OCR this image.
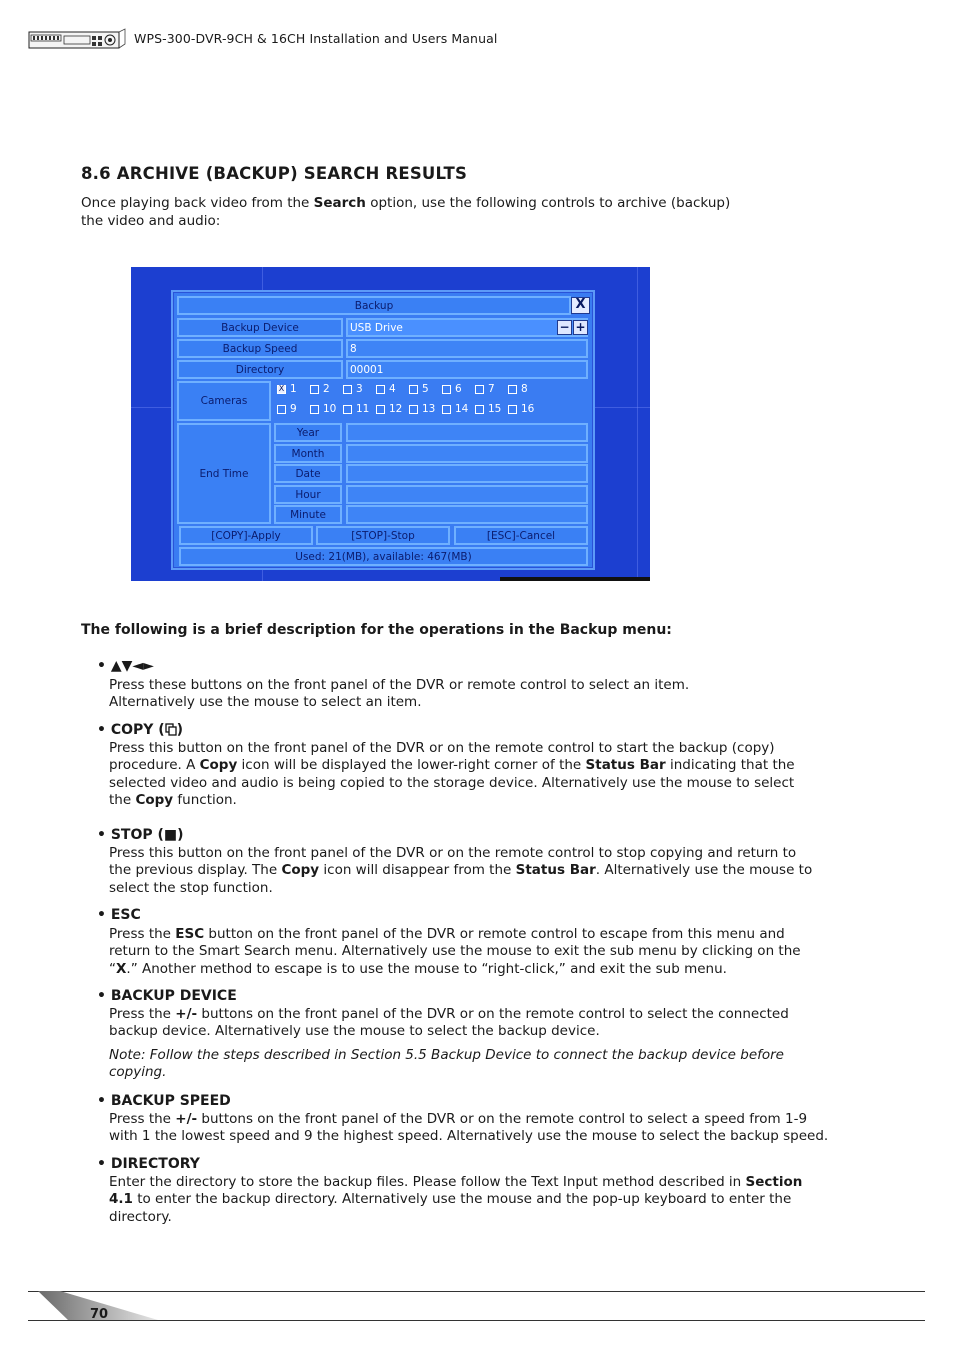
WPS-300-DVR-9CH & 16CH Installation and Users Manual
8.6 ARCHIVE (BACKUP) SEARCH RESULTS
Once playing back video from the Search option, use the following controls to archive (backup)
the video and audio:
Backup	X
Backup Device	USB Drive	− +
Backup Speed	8
Directory	00001
Cameras
X 1	2	3	4	5	6	7	8
9	10 11 12 13 14 15 16
End Time
Year
Month
Date
Hour
Minute
[COPY]-Apply	[STOP]-Stop	[ESC]-Cancel
Used: 21(MB), available: 467(MB)
The following is a brief description for the operations in the Backup menu:
• ▲▼◄►
Press these buttons on the front panel of the DVR or remote control to select an item.
Alternatively use the mouse to select an item.
• COPY ( )
Press this button on the front panel of the DVR or on the remote control to start the backup (copy)
procedure. A Copy icon will be displayed the lower-right corner of the Status Bar indicating that the
selected video and audio is being copied to the storage device. Alternatively use the mouse to select
the Copy function.
• STOP (■)
Press this button on the front panel of the DVR or on the remote control to stop copying and return to
the previous display. The Copy icon will disappear from the Status Bar. Alternatively use the mouse to
select the stop function.
• ESC
Press the ESC button on the front panel of the DVR or remote control to escape from this menu and
return to the Smart Search menu. Alternatively use the mouse to exit the sub menu by clicking on the
“X.” Another method to escape is to use the mouse to “right-click,” and exit the sub menu.
• BACKUP DEVICE
Press the +/- buttons on the front panel of the DVR or on the remote control to select the connected
backup device. Alternatively use the mouse to select the backup device.
Note: Follow the steps described in Section 5.5 Backup Device to connect the backup device before
copying.
• BACKUP SPEED
Press the +/- buttons on the front panel of the DVR or on the remote control to select a speed from 1-9
with 1 the lowest speed and 9 the highest speed. Alternatively use the mouse to select the backup speed.
• DIRECTORY
Enter the directory to store the backup files. Please follow the Text Input method described in Section
4.1 to enter the backup directory. Alternatively use the mouse and the pop-up keyboard to enter the
directory.
70
